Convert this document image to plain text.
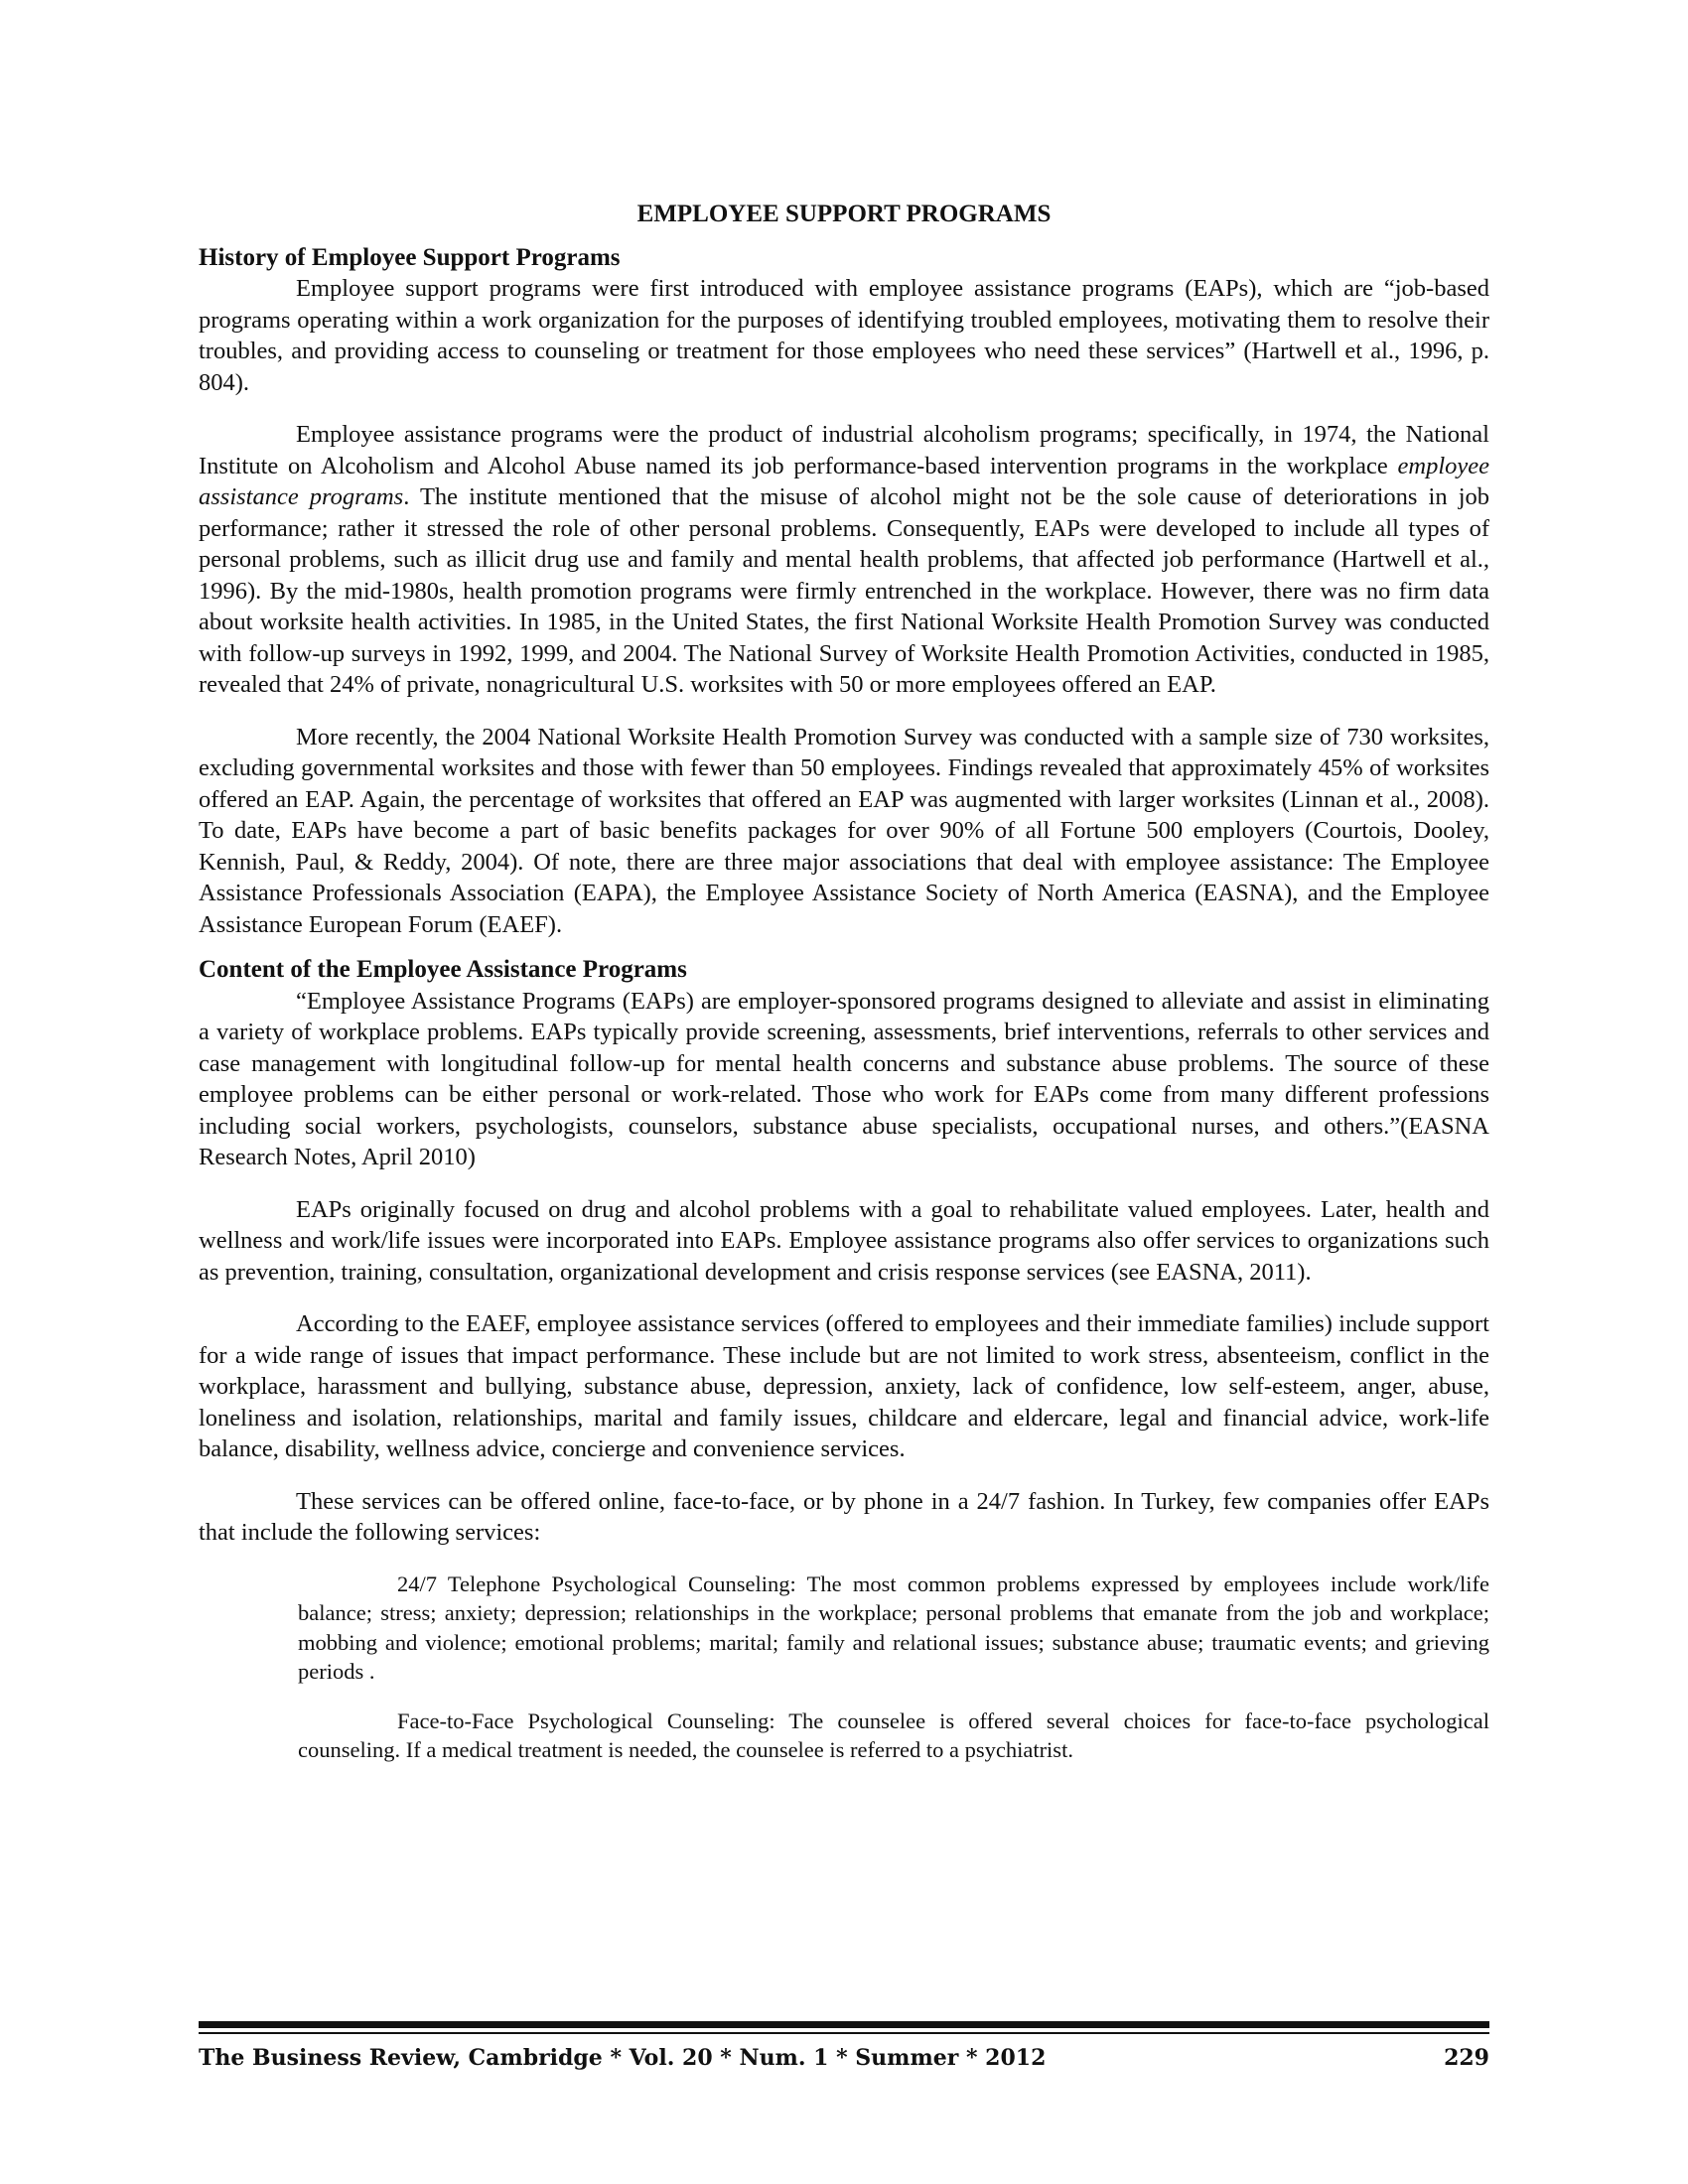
EMPLOYEE SUPPORT PROGRAMS
History of Employee Support Programs

Employee support programs were first introduced with employee assistance programs (EAPs), which are “job-based programs operating within a work organization for the purposes of identifying troubled employees, motivating them to resolve their troubles, and providing access to counseling or treatment for those employees who need these services” (Hartwell et al., 1996, p. 804).

Employee assistance programs were the product of industrial alcoholism programs; specifically, in 1974, the National Institute on Alcoholism and Alcohol Abuse named its job performance-based intervention programs in the workplace employee assistance programs. The institute mentioned that the misuse of alcohol might not be the sole cause of deteriorations in job performance; rather it stressed the role of other personal problems. Consequently, EAPs were developed to include all types of personal problems, such as illicit drug use and family and mental health problems, that affected job performance (Hartwell et al., 1996). By the mid-1980s, health promotion programs were firmly entrenched in the workplace. However, there was no firm data about worksite health activities. In 1985, in the United States, the first National Worksite Health Promotion Survey was conducted with follow-up surveys in 1992, 1999, and 2004. The National Survey of Worksite Health Promotion Activities, conducted in 1985, revealed that 24% of private, nonagricultural U.S. worksites with 50 or more employees offered an EAP.

More recently, the 2004 National Worksite Health Promotion Survey was conducted with a sample size of 730 worksites, excluding governmental worksites and those with fewer than 50 employees. Findings revealed that approximately 45% of worksites offered an EAP. Again, the percentage of worksites that offered an EAP was augmented with larger worksites (Linnan et al., 2008). To date, EAPs have become a part of basic benefits packages for over 90% of all Fortune 500 employers (Courtois, Dooley, Kennish, Paul, & Reddy, 2004). Of note, there are three major associations that deal with employee assistance: The Employee Assistance Professionals Association (EAPA), the Employee Assistance Society of North America (EASNA), and the Employee Assistance European Forum (EAEF).

Content of the Employee Assistance Programs

“Employee Assistance Programs (EAPs) are employer-sponsored programs designed to alleviate and assist in eliminating a variety of workplace problems. EAPs typically provide screening, assessments, brief interventions, referrals to other services and case management with longitudinal follow-up for mental health concerns and substance abuse problems. The source of these employee problems can be either personal or work-related. Those who work for EAPs come from many different professions including social workers, psychologists, counselors, substance abuse specialists, occupational nurses, and others.”(EASNA Research Notes, April 2010)

EAPs originally focused on drug and alcohol problems with a goal to rehabilitate valued employees. Later, health and wellness and work/life issues were incorporated into EAPs. Employee assistance programs also offer services to organizations such as prevention, training, consultation, organizational development and crisis response services (see EASNA, 2011).

According to the EAEF, employee assistance services (offered to employees and their immediate families) include support for a wide range of issues that impact performance. These include but are not limited to work stress, absenteeism, conflict in the workplace, harassment and bullying, substance abuse, depression, anxiety, lack of confidence, low self-esteem, anger, abuse, loneliness and isolation, relationships, marital and family issues, childcare and eldercare, legal and financial advice, work-life balance, disability, wellness advice, concierge and convenience services.

These services can be offered online, face-to-face, or by phone in a 24/7 fashion. In Turkey, few companies offer EAPs that include the following services:

24/7 Telephone Psychological Counseling: The most common problems expressed by employees include work/life balance; stress; anxiety; depression; relationships in the workplace; personal problems that emanate from the job and workplace; mobbing and violence; emotional problems; marital; family and relational issues; substance abuse; traumatic events; and grieving periods .

Face-to-Face Psychological Counseling: The counselee is offered several choices for face-to-face psychological counseling. If a medical treatment is needed, the counselee is referred to a psychiatrist.

The Business Review, Cambridge * Vol. 20 * Num. 1 * Summer * 2012	229
